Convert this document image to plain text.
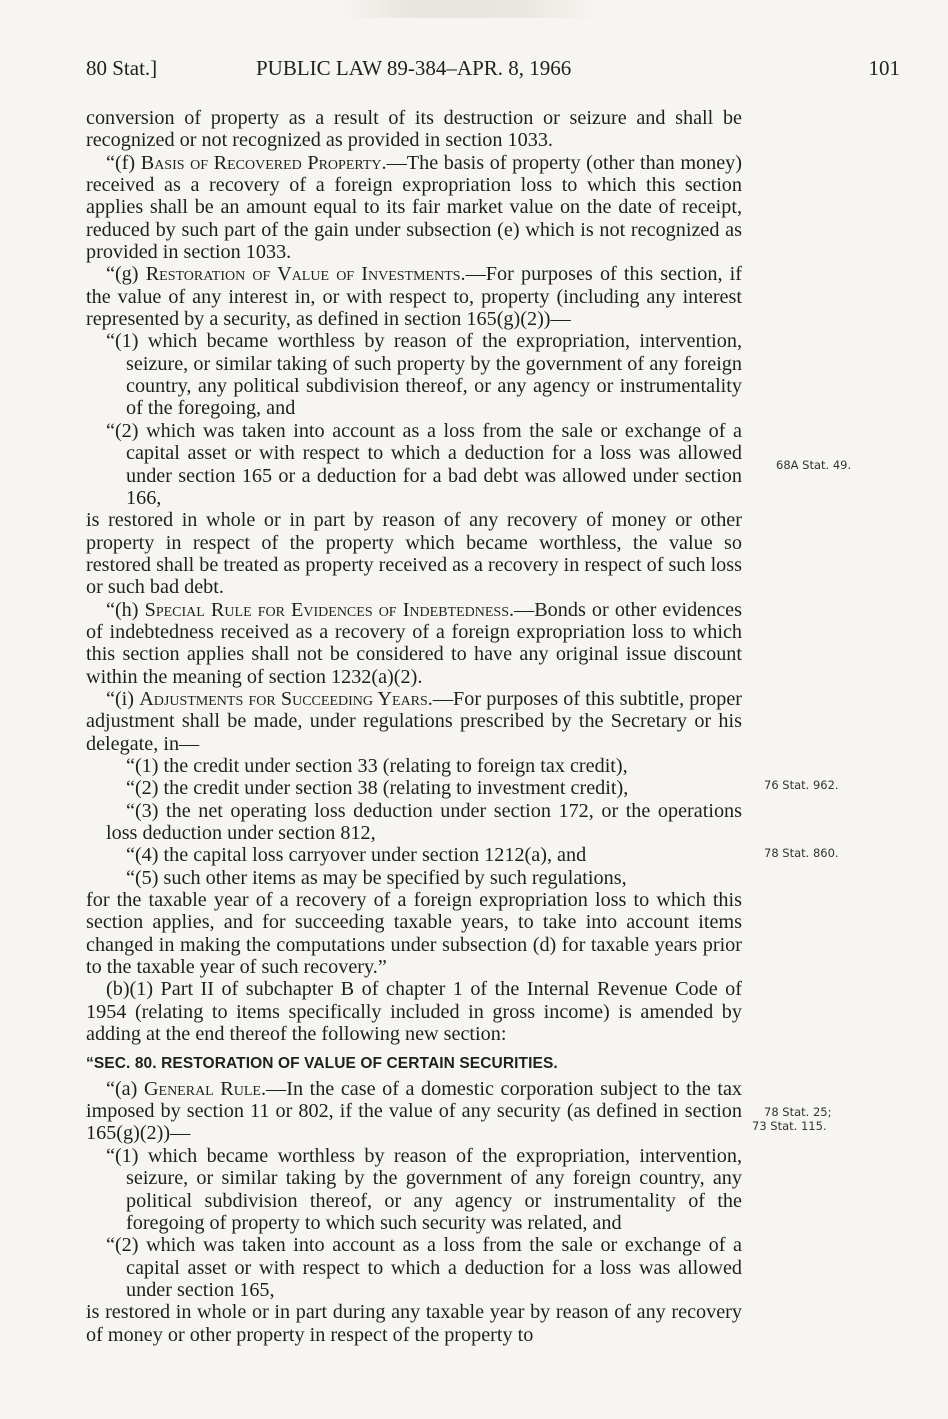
80 Stat.]	PUBLIC LAW 89-384–APR. 8, 1966	101

conversion of property as a result of its destruction or seizure and shall be recognized or not recognized as provided in section 1033.

“(f) Basis of Recovered Property.—The basis of property (other than money) received as a recovery of a foreign expropriation loss to which this section applies shall be an amount equal to its fair market value on the date of receipt, reduced by such part of the gain under subsection (e) which is not recognized as provided in section 1033.

“(g) Restoration of Value of Investments.—For purposes of this section, if the value of any interest in, or with respect to, property (including any interest represented by a security, as defined in section 165(g)(2))—

“(1) which became worthless by reason of the expropriation, intervention, seizure, or similar taking of such property by the government of any foreign country, any political subdivision thereof, or any agency or instrumentality of the foregoing, and

“(2) which was taken into account as a loss from the sale or exchange of a capital asset or with respect to which a deduction for a loss was allowed under section 165 or a deduction for a bad debt was allowed under section 166,

is restored in whole or in part by reason of any recovery of money or other property in respect of the property which became worthless, the value so restored shall be treated as property received as a recovery in respect of such loss or such bad debt.

“(h) Special Rule for Evidences of Indebtedness.—Bonds or other evidences of indebtedness received as a recovery of a foreign expropriation loss to which this section applies shall not be considered to have any original issue discount within the meaning of section 1232(a)(2).

“(i) Adjustments for Succeeding Years.—For purposes of this subtitle, proper adjustment shall be made, under regulations prescribed by the Secretary or his delegate, in—

“(1) the credit under section 33 (relating to foreign tax credit),

“(2) the credit under section 38 (relating to investment credit),

“(3) the net operating loss deduction under section 172, or the operations loss deduction under section 812,

“(4) the capital loss carryover under section 1212(a), and

“(5) such other items as may be specified by such regulations,

for the taxable year of a recovery of a foreign expropriation loss to which this section applies, and for succeeding taxable years, to take into account items changed in making the computations under subsection (d) for taxable years prior to the taxable year of such recovery.”

(b)(1) Part II of subchapter B of chapter 1 of the Internal Revenue Code of 1954 (relating to items specifically included in gross income) is amended by adding at the end thereof the following new section:

“SEC. 80. RESTORATION OF VALUE OF CERTAIN SECURITIES.

“(a) General Rule.—In the case of a domestic corporation subject to the tax imposed by section 11 or 802, if the value of any security (as defined in section 165(g)(2))—

“(1) which became worthless by reason of the expropriation, intervention, seizure, or similar taking by the government of any foreign country, any political subdivision thereof, or any agency or instrumentality of the foregoing of property to which such security was related, and

“(2) which was taken into account as a loss from the sale or exchange of a capital asset or with respect to which a deduction for a loss was allowed under section 165,

is restored in whole or in part during any taxable year by reason of any recovery of money or other property in respect of the property to

68A Stat. 49.
76 Stat. 962.
78 Stat. 860.
78 Stat. 25;
73 Stat. 115.
